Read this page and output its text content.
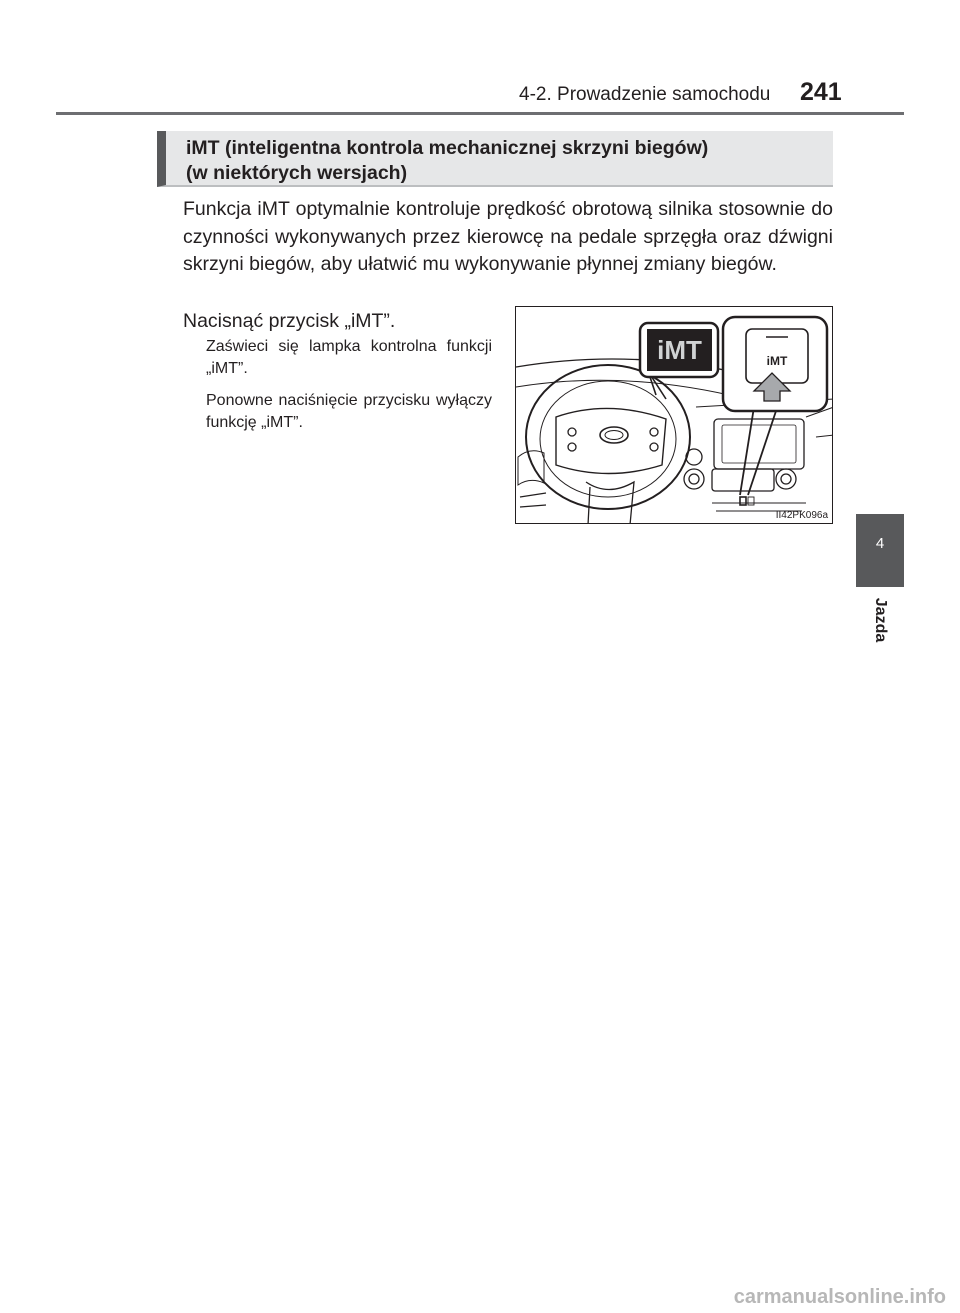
4-2. Prowadzenie samochodu 241

iMT (inteligentna kontrola mechanicznej skrzyni biegów)
(w niektórych wersjach)

Funkcja iMT optymalnie kontroluje prędkość obrotową silnika stosownie do czynności wykonywanych przez kierowcę na pedale sprzęgła oraz dźwigni skrzyni biegów, aby ułatwić mu wykonywanie płynnej zmiany biegów.

Nacisnąć przycisk „iMT”.

Zaświeci się lampka kontrolna funkcji „iMT”.

Ponowne naciśnięcie przycisku wyłączy funkcję „iMT”.

iMT	iMT
II42PK096a
4
Jazda
carmanualsonline.info
